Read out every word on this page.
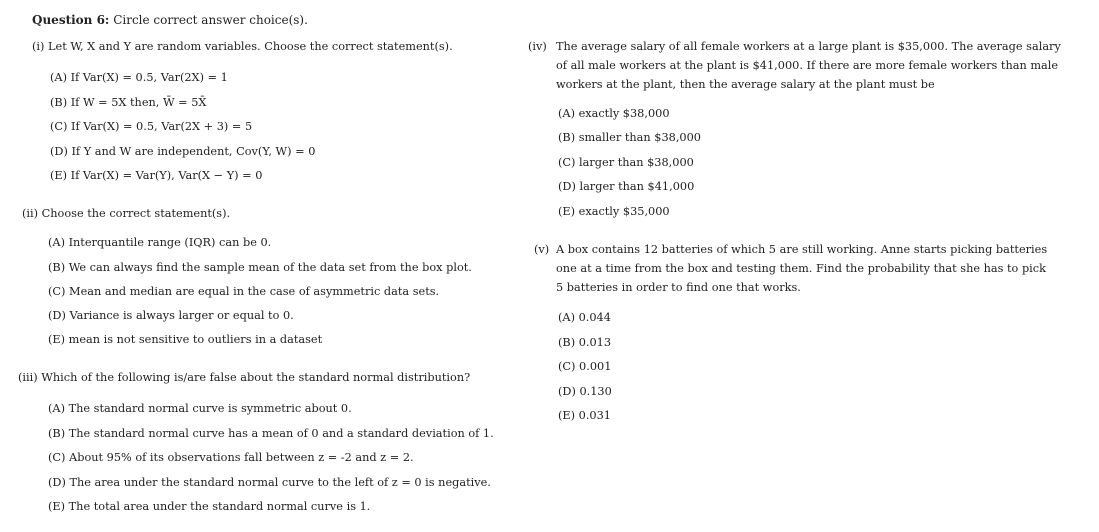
Question 6: Circle correct answer choice(s).
(i) Let W, X and Y are random variables. Choose the correct statement(s).
(A) If Var(X) = 0.5, Var(2X) = 1
(B) If W = 5X then, W̄ = 5X̄
(C) If Var(X) = 0.5, Var(2X + 3) = 5
(D) If Y and W are independent, Cov(Y, W) = 0
(E) If Var(X) = Var(Y), Var(X − Y) = 0
(ii) Choose the correct statement(s).
(A) Interquantile range (IQR) can be 0.
(B) We can always find the sample mean of the data set from the box plot.
(C) Mean and median are equal in the case of asymmetric data sets.
(D) Variance is always larger or equal to 0.
(E) mean is not sensitive to outliers in a dataset
(iii) Which of the following is/are false about the standard normal distribution?
(A) The standard normal curve is symmetric about 0.
(B) The standard normal curve has a mean of 0 and a standard deviation of 1.
(C) About 95% of its observations fall between z = -2 and z = 2.
(D) The area under the standard normal curve to the left of z = 0 is negative.
(E) The total area under the standard normal curve is 1.
(iv) The average salary of all female workers at a large plant is $35,000. The average salary
of all male workers at the plant is $41,000. If there are more female workers than male
workers at the plant, then the average salary at the plant must be
(A) exactly $38,000
(B) smaller than $38,000
(C) larger than $38,000
(D) larger than $41,000
(E) exactly $35,000
(v) A box contains 12 batteries of which 5 are still working. Anne starts picking batteries
one at a time from the box and testing them. Find the probability that she has to pick
5 batteries in order to find one that works.
(A) 0.044
(B) 0.013
(C) 0.001
(D) 0.130
(E) 0.031
